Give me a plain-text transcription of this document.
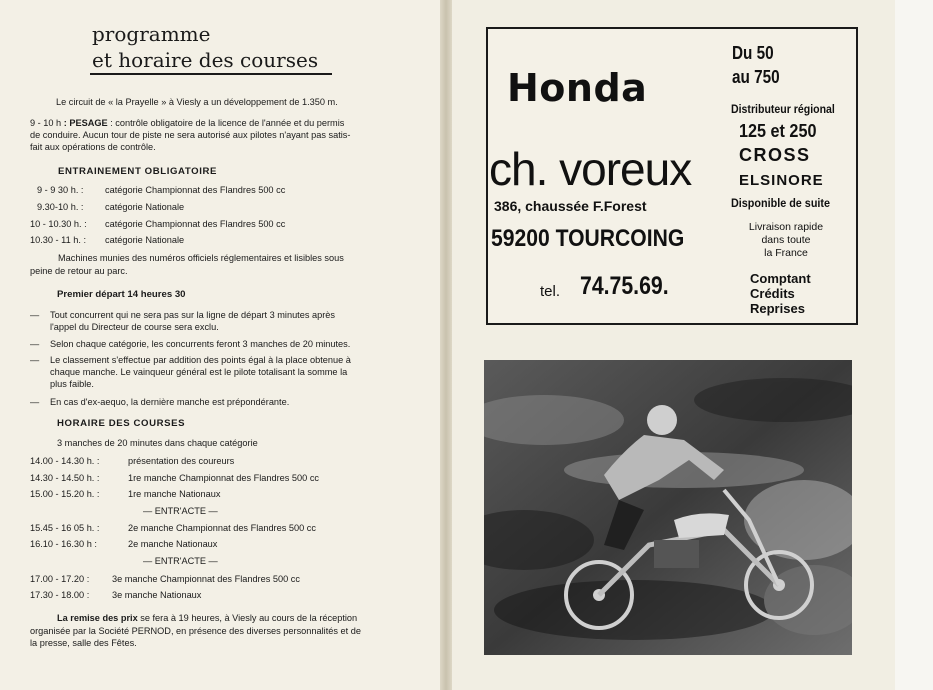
programme
et horaire des courses
Le circuit de « la Prayelle » à Viesly a un développement de 1.350 m.
9 - 10 h : PESAGE : contrôle obligatoire de la licence de l'année et du permis
de conduire. Aucun tour de piste ne sera autorisé aux pilotes n'ayant pas satis-
fait aux opérations de contrôle.
ENTRAINEMENT OBLIGATOIRE
9 - 9 30 h. : catégorie Championnat des Flandres 500 cc
9.30-10 h. : catégorie Nationale
10 - 10.30 h. : catégorie Championnat des Flandres 500 cc
10.30 - 11 h. : catégorie Nationale
Machines munies des numéros officiels réglementaires et lisibles sous
peine de retour au parc.
Premier départ 14 heures 30
— Tout concurrent qui ne sera pas sur la ligne de départ 3 minutes après
l'appel du Directeur de course sera exclu.
— Selon chaque catégorie, les concurrents feront 3 manches de 20 minutes.
— Le classement s'effectue par addition des points égal à la place obtenue à
chaque manche. Le vainqueur général est le pilote totalisant la somme la
plus faible.
— En cas d'ex-aequo, la dernière manche est prépondérante.
HORAIRE DES COURSES
3 manches de 20 minutes dans chaque catégorie
14.00 - 14.30 h. :	présentation des coureurs
14.30 - 14.50 h. :	1re manche Championnat des Flandres 500 cc
15.00 - 15.20 h. :	1re manche Nationaux
— ENTR'ACTE —
15.45 - 16 05 h. :	2e manche Championnat des Flandres 500 cc
16.10 - 16.30 h :	2e manche Nationaux
— ENTR'ACTE —
17.00 - 17.20 : 3e manche Championnat des Flandres 500 cc
17.30 - 18.00 : 3e manche Nationaux
La remise des prix se fera à 19 heures, à Viesly au cours de la réception
organisée par la Société PERNOD, en présence des diverses personnalités et de
la presse, salle des Fêtes.
Honda
ch. voreux
386, chaussée F.Forest
59200 TOURCOING
tel. 74.75.69.
Du 50
au 750
Distributeur régional
125 et 250
CROSS
ELSINORE
Disponible de suite
Livraison rapide
dans toute
la France
Comptant
Crédits
Reprises
